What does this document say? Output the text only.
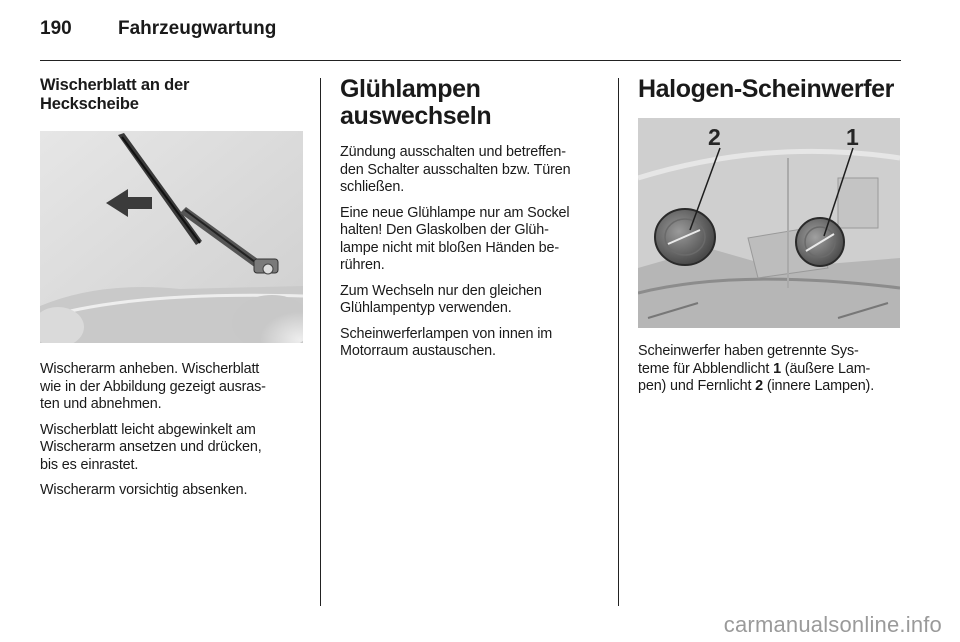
190 Fahrzeugwartung
Wischerblatt an der
Heckscheibe

Wischerarm anheben. Wischerblatt
wie in der Abbildung gezeigt ausras-
ten und abnehmen.

Wischerblatt leicht abgewinkelt am
Wischerarm ansetzen und drücken,
bis es einrastet.

Wischerarm vorsichtig absenken.

Glühlampen
auswechseln

Zündung ausschalten und betreffen-
den Schalter ausschalten bzw. Türen
schließen.

Eine neue Glühlampe nur am Sockel
halten! Den Glaskolben der Glüh-
lampe nicht mit bloßen Händen be-
rühren.

Zum Wechseln nur den gleichen
Glühlampentyp verwenden.

Scheinwerferlampen von innen im
Motorraum austauschen.

Halogen-Scheinwerfer
2	1

Scheinwerfer haben getrennte Sys-
teme für Abblendlicht 1 (äußere Lam-
pen) und Fernlicht 2 (innere Lampen).

carmanualsonline.info
